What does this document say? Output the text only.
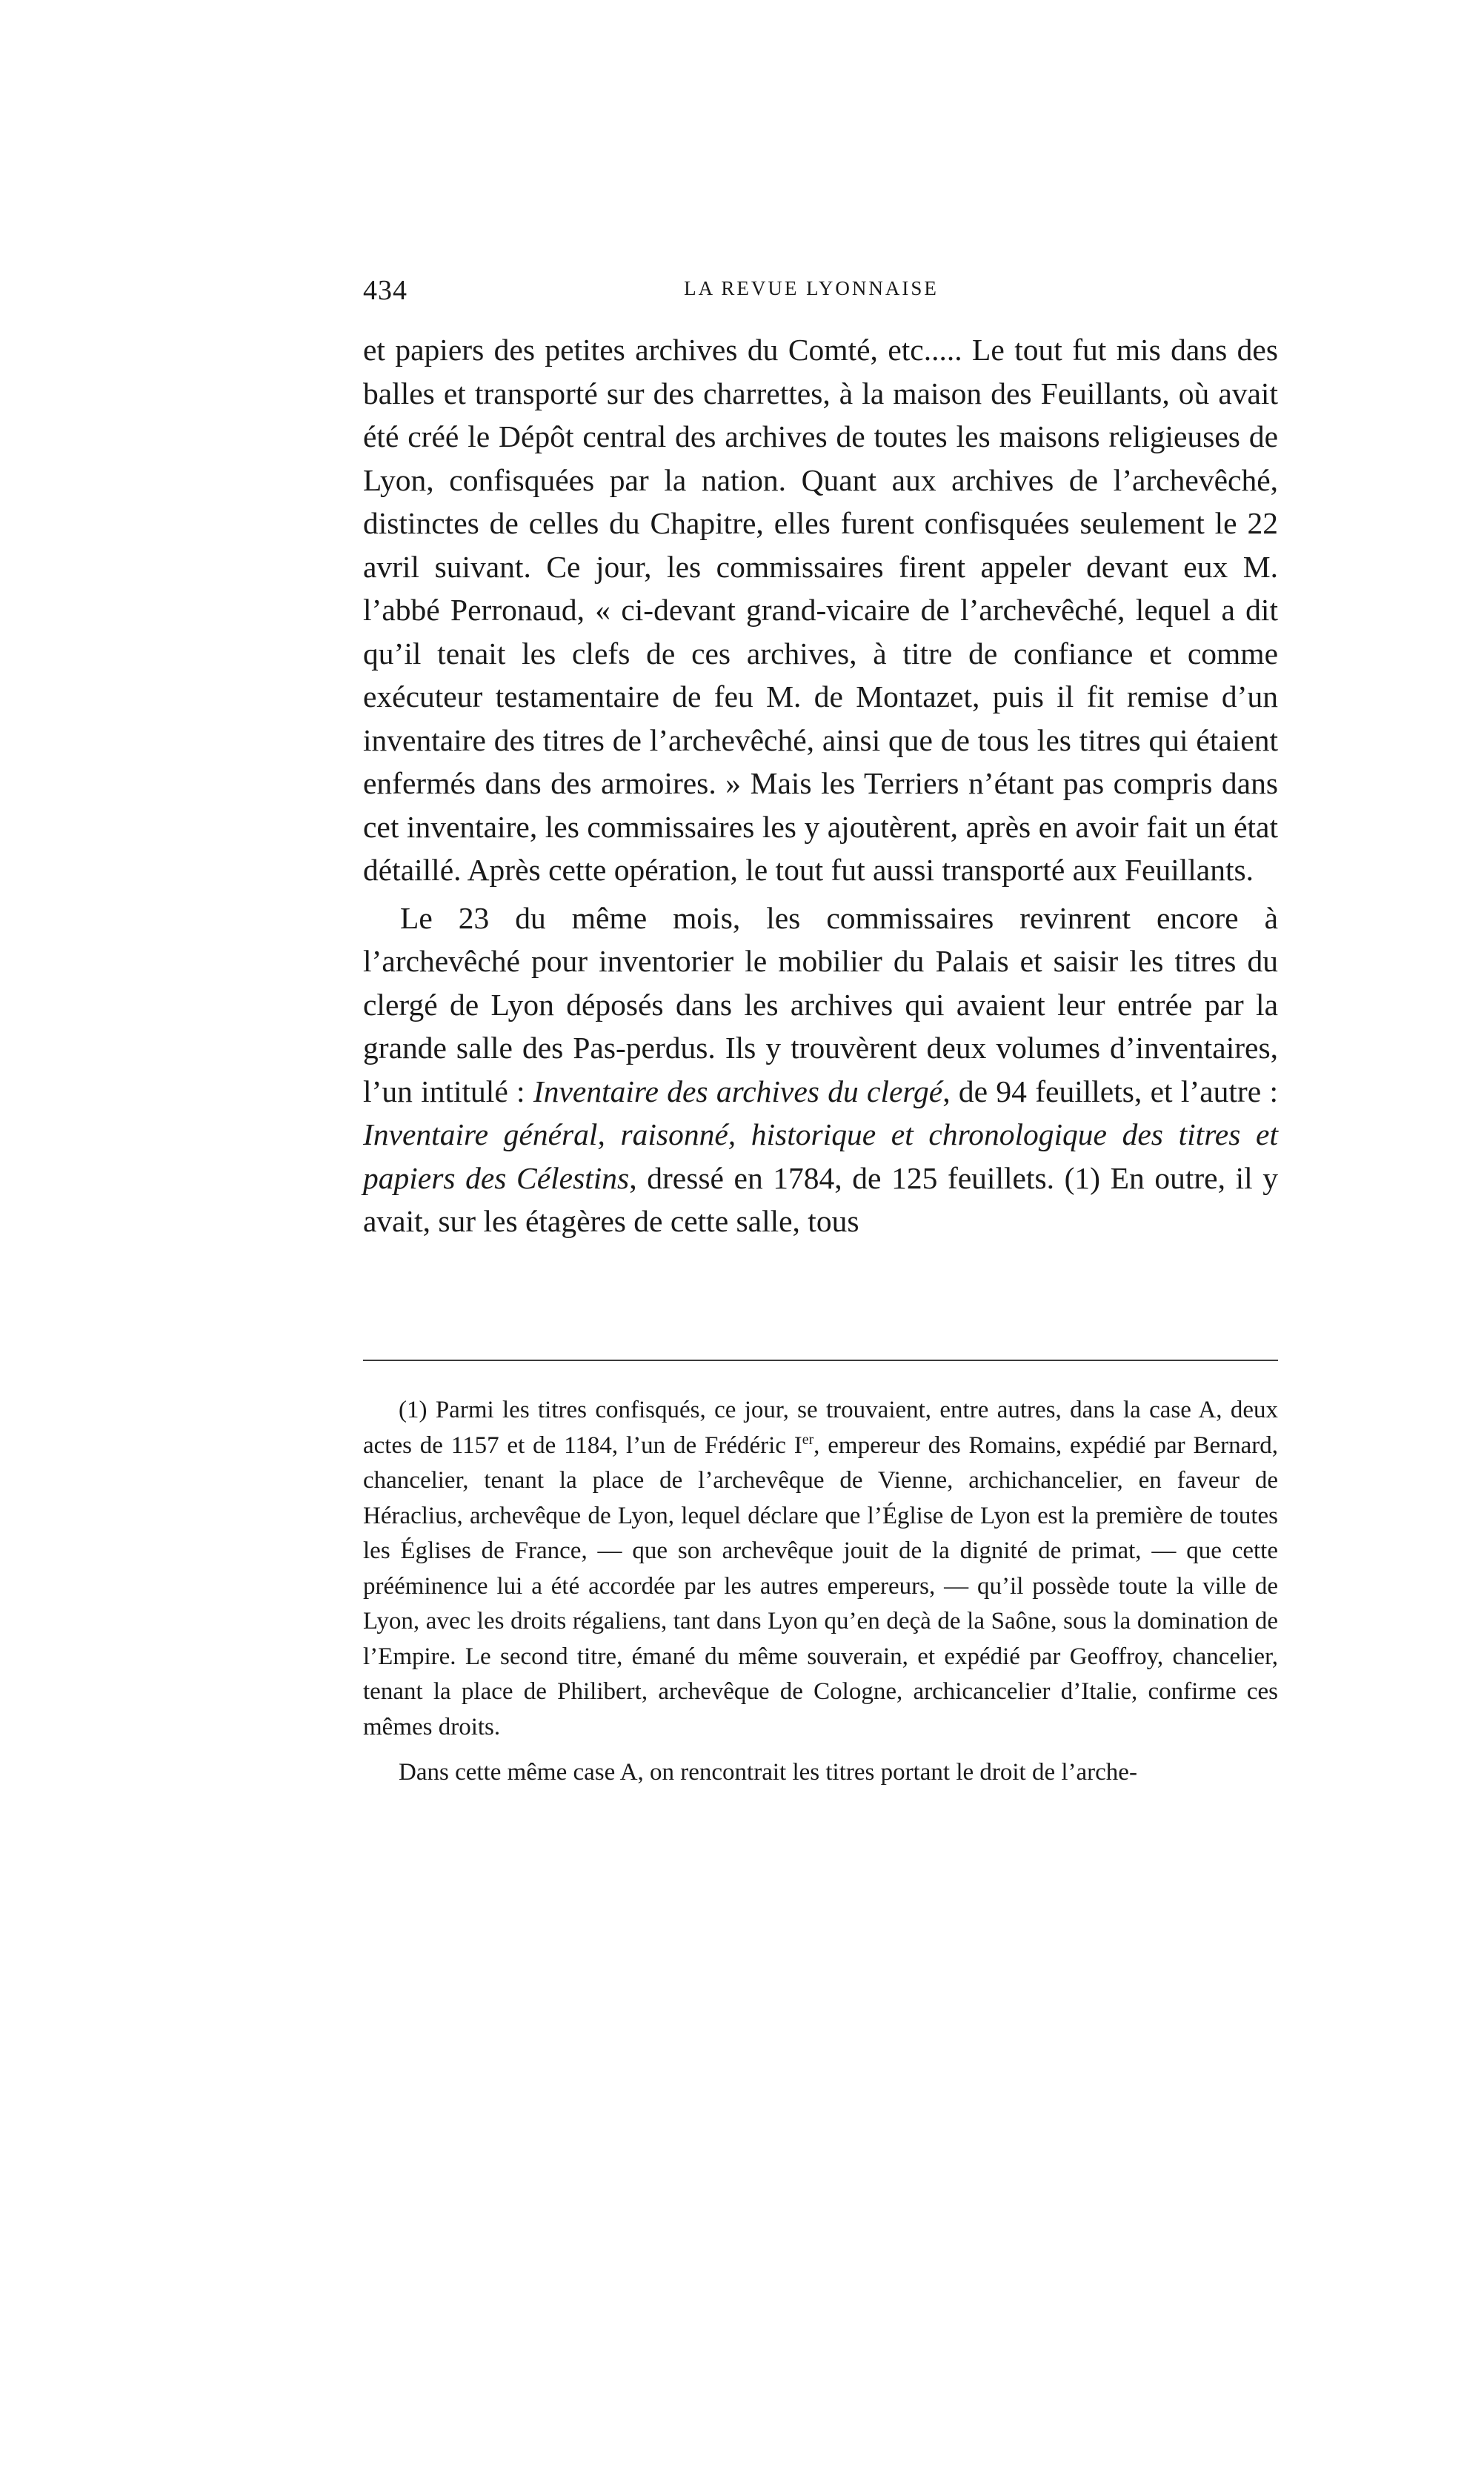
434	LA REVUE LYONNAISE

et papiers des petites archives du Comté, etc..... Le tout fut mis dans des balles et transporté sur des charrettes, à la maison des Feuillants, où avait été créé le Dépôt central des archives de toutes les maisons religieuses de Lyon, confisquées par la nation. Quant aux archives de l’archevêché, distinctes de celles du Chapitre, elles furent confisquées seulement le 22 avril suivant. Ce jour, les commissaires firent appeler devant eux M. l’abbé Perronaud, « ci-devant grand-vicaire de l’archevêché, lequel a dit qu’il tenait les clefs de ces archives, à titre de confiance et comme exécuteur testamentaire de feu M. de Montazet, puis il fit remise d’un inventaire des titres de l’archevêché, ainsi que de tous les titres qui étaient enfermés dans des armoires. » Mais les Terriers n’étant pas compris dans cet inventaire, les commissaires les y ajoutèrent, après en avoir fait un état détaillé. Après cette opération, le tout fut aussi transporté aux Feuillants.

Le 23 du même mois, les commissaires revinrent encore à l’archevêché pour inventorier le mobilier du Palais et saisir les titres du clergé de Lyon déposés dans les archives qui avaient leur entrée par la grande salle des Pas-perdus. Ils y trouvèrent deux volumes d’inventaires, l’un intitulé : Inventaire des archives du clergé, de 94 feuillets, et l’autre : Inventaire général, raisonné, historique et chronologique des titres et papiers des Célestins, dressé en 1784, de 125 feuillets. (1) En outre, il y avait, sur les étagères de cette salle, tous

(1) Parmi les titres confisqués, ce jour, se trouvaient, entre autres, dans la case A, deux actes de 1157 et de 1184, l’un de Frédéric Ier, empereur des Romains, expédié par Bernard, chancelier, tenant la place de l’archevêque de Vienne, archichancelier, en faveur de Héraclius, archevêque de Lyon, lequel déclare que l’Église de Lyon est la première de toutes les Églises de France, — que son archevêque jouit de la dignité de primat, — que cette prééminence lui a été accordée par les autres empereurs, — qu’il possède toute la ville de Lyon, avec les droits régaliens, tant dans Lyon qu’en deçà de la Saône, sous la domination de l’Empire. Le second titre, émané du même souverain, et expédié par Geoffroy, chancelier, tenant la place de Philibert, archevêque de Cologne, archicancelier d’Italie, confirme ces mêmes droits.

Dans cette même case A, on rencontrait les titres portant le droit de l’arche-
